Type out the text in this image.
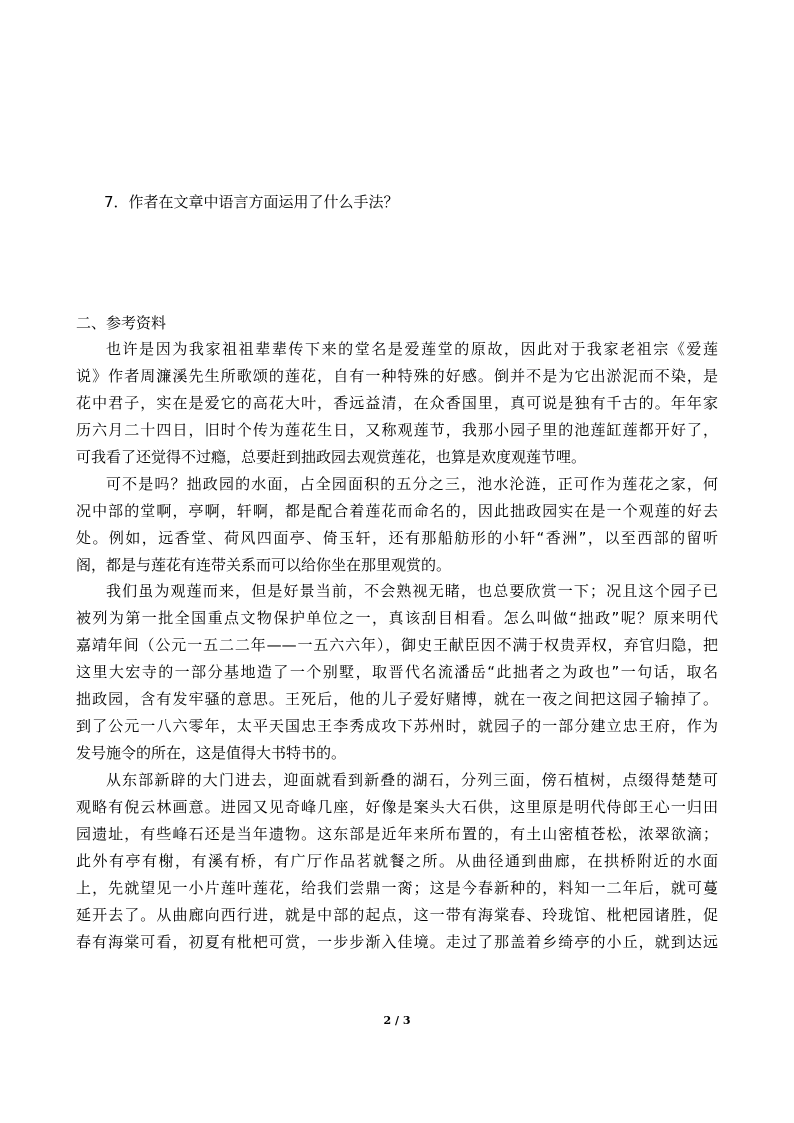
7．作者在文章中语言方面运用了什么手法？
二、参考资料
也许是因为我家祖祖辈辈传下来的堂名是爱莲堂的原故，因此对于我家老祖宗《爱莲
说》作者周濂溪先生所歌颂的莲花，自有一种特殊的好感。倒并不是为它出淤泥而不染，是
花中君子，实在是爱它的高花大叶，香远益清，在众香国里，真可说是独有千古的。年年家
历六月二十四日，旧时个传为莲花生日，又称观莲节，我那小园子里的池莲缸莲都开好了，
可我看了还觉得不过瘾，总要赶到拙政园去观赏莲花，也算是欢度观莲节哩。
可不是吗？拙政园的水面，占全园面积的五分之三，池水沦涟，正可作为莲花之家，何
况中部的堂啊，亭啊，轩啊，都是配合着莲花而命名的，因此拙政园实在是一个观莲的好去
处。例如，远香堂、荷风四面亭、倚玉轩，还有那船舫形的小轩“香洲”，以至西部的留听
阁，都是与莲花有连带关系而可以给你坐在那里观赏的。
我们虽为观莲而来，但是好景当前，不会熟视无睹，也总要欣赏一下；况且这个园子已
被列为第一批全国重点文物保护单位之一，真该刮目相看。怎么叫做“拙政”呢？原来明代
嘉靖年间（公元一五二二年——一五六六年），御史王献臣因不满于权贵弄权，弃官归隐，把
这里大宏寺的一部分基地造了一个别墅，取晋代名流潘岳“此拙者之为政也”一句话，取名
拙政园，含有发牢骚的意思。王死后，他的儿子爱好赌博，就在一夜之间把这园子输掉了。
到了公元一八六零年，太平天国忠王李秀成攻下苏州时，就园子的一部分建立忠王府，作为
发号施令的所在，这是值得大书特书的。
从东部新辟的大门进去，迎面就看到新叠的湖石，分列三面，傍石植树，点缀得楚楚可
观略有倪云林画意。进园又见奇峰几座，好像是案头大石供，这里原是明代侍郎王心一归田
园遗址，有些峰石还是当年遗物。这东部是近年来所布置的，有土山密植苍松，浓翠欲滴；
此外有亭有榭，有溪有桥，有广厅作品茗就餐之所。从曲径通到曲廊，在拱桥附近的水面
上，先就望见一小片莲叶莲花，给我们尝鼎一脔；这是今春新种的，料知一二年后，就可蔓
延开去了。从曲廊向西行进，就是中部的起点，这一带有海棠春、玲珑馆、枇杷园诸胜，促
春有海棠可看，初夏有枇杷可赏，一步步渐入佳境。走过了那盖着乡绮亭的小丘，就到达远
2 / 3
